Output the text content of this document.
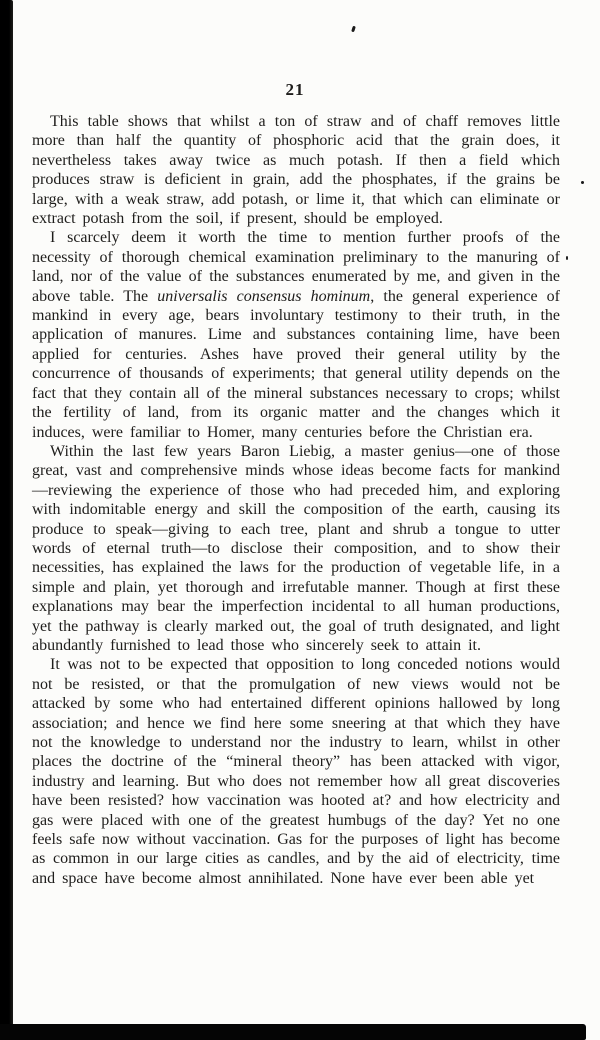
21

This table shows that whilst a ton of straw and of chaff removes little more than half the quantity of phosphoric acid that the grain does, it nevertheless takes away twice as much potash. If then a field which produces straw is deficient in grain, add the phosphates, if the grains be large, with a weak straw, add potash, or lime it, that which can eliminate or extract potash from the soil, if present, should be employed.

I scarcely deem it worth the time to mention further proofs of the necessity of thorough chemical examination preliminary to the manuring of land, nor of the value of the substances enumerated by me, and given in the above table. The universalis consensus hominum, the general experience of mankind in every age, bears involuntary testimony to their truth, in the application of manures. Lime and substances containing lime, have been applied for centuries. Ashes have proved their general utility by the concurrence of thousands of experiments; that general utility depends on the fact that they contain all of the mineral substances necessary to crops; whilst the fertility of land, from its organic matter and the changes which it induces, were familiar to Homer, many centuries before the Christian era.

Within the last few years Baron Liebig, a master genius—one of those great, vast and comprehensive minds whose ideas become facts for mankind—reviewing the experience of those who had preceded him, and exploring with indomitable energy and skill the composition of the earth, causing its produce to speak—giving to each tree, plant and shrub a tongue to utter words of eternal truth—to disclose their composition, and to show their necessities, has explained the laws for the production of vegetable life, in a simple and plain, yet thorough and irrefutable manner. Though at first these explanations may bear the imperfection incidental to all human productions, yet the pathway is clearly marked out, the goal of truth designated, and light abundantly furnished to lead those who sincerely seek to attain it.

It was not to be expected that opposition to long conceded notions would not be resisted, or that the promulgation of new views would not be attacked by some who had entertained different opinions hallowed by long association; and hence we find here some sneering at that which they have not the knowledge to understand nor the industry to learn, whilst in other places the doctrine of the “mineral theory” has been attacked with vigor, industry and learning. But who does not remember how all great discoveries have been resisted? how vaccination was hooted at? and how electricity and gas were placed with one of the greatest humbugs of the day? Yet no one feels safe now without vaccination. Gas for the purposes of light has become as common in our large cities as candles, and by the aid of electricity, time and space have become almost annihilated. None have ever been able yet
